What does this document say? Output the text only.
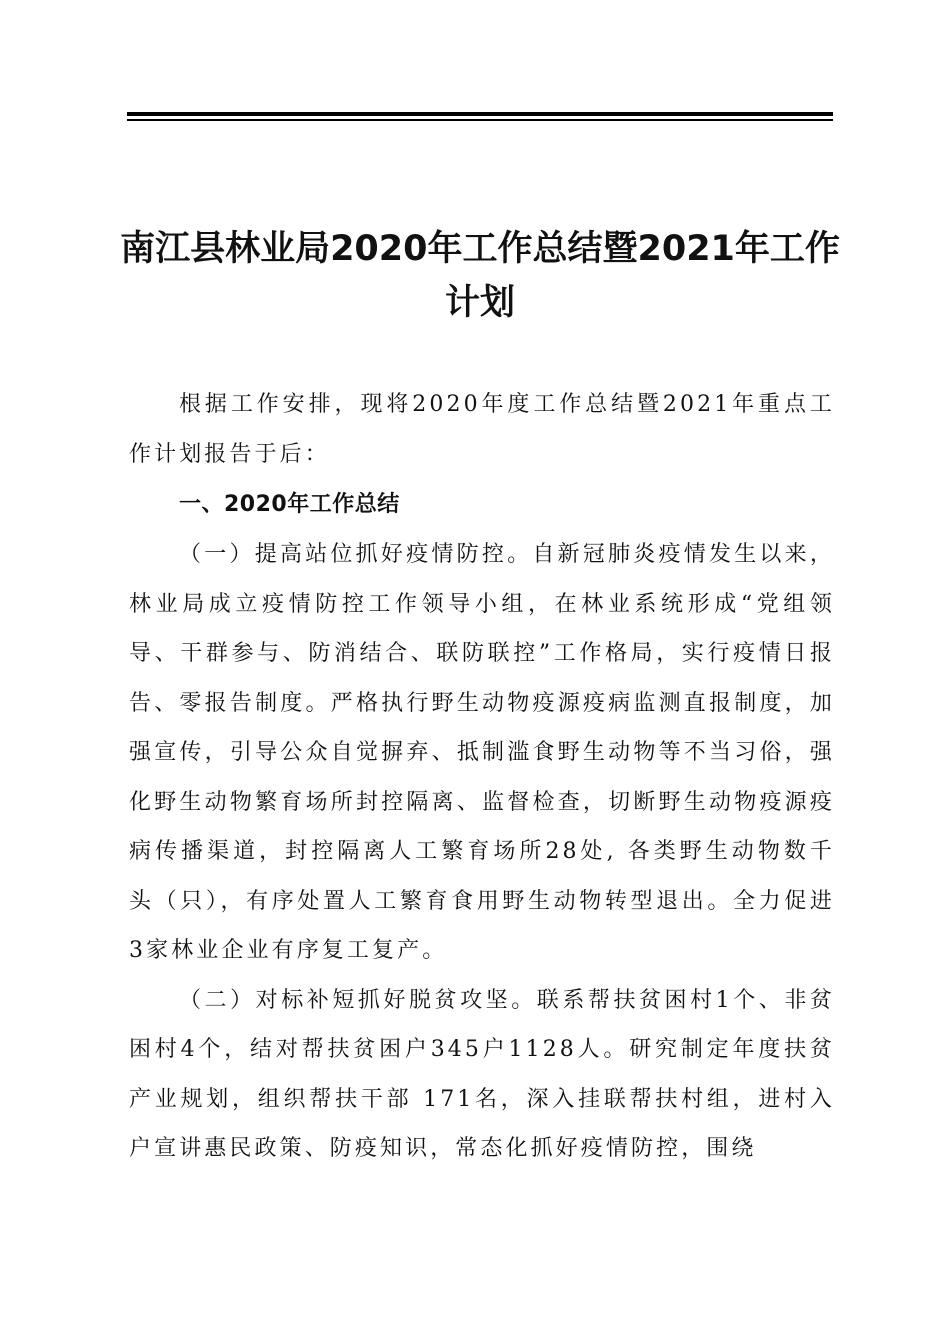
南江县林业局2020年工作总结暨2021年工作计划

根据工作安排，现将2020年度工作总结暨2021年重点工作计划报告于后：

一、2020年工作总结

（一）提高站位抓好疫情防控。自新冠肺炎疫情发生以来，林业局成立疫情防控工作领导小组，在林业系统形成“党组领导、干群参与、防消结合、联防联控”工作格局，实行疫情日报告、零报告制度。严格执行野生动物疫源疫病监测直报制度，加强宣传，引导公众自觉摒弃、抵制滥食野生动物等不当习俗，强化野生动物繁育场所封控隔离、监督检查，切断野生动物疫源疫病传播渠道，封控隔离人工繁育场所28处, 各类野生动物数千头（只），有序处置人工繁育食用野生动物转型退出。全力促进3家林业企业有序复工复产。

（二）对标补短抓好脱贫攻坚。联系帮扶贫困村1个、非贫困村4个，结对帮扶贫困户345户1128人。研究制定年度扶贫产业规划，组织帮扶干部 171名，深入挂联帮扶村组，进村入户宣讲惠民政策、防疫知识，常态化抓好疫情防控，围绕
